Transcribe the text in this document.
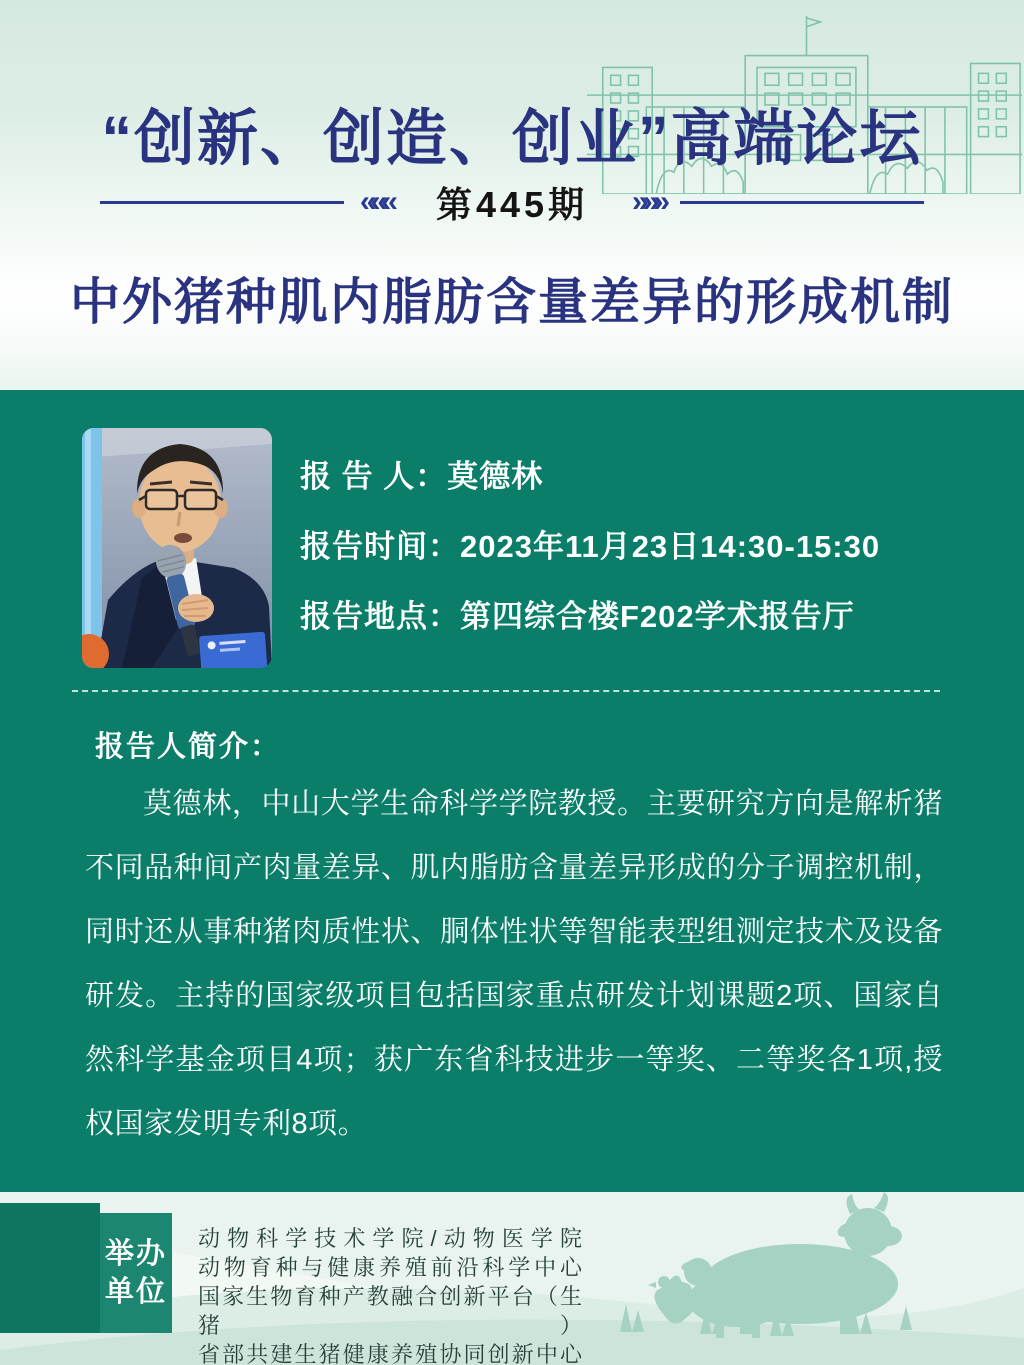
“创新、创造、创业”高端论坛
«««	第445期	»»»
中外猪种肌内脂肪含量差异的形成机制
报 告 人： 莫德林
报告时间： 2023年11月23日14:30-15:30
报告地点： 第四综合楼F202学术报告厅
报告人简介：
莫德林，中山大学生命科学学院教授。主要研究方向是解析猪不同品种间产肉量差异、肌内脂肪含量差异形成的分子调控机制，同时还从事种猪肉质性状、胴体性状等智能表型组测定技术及设备研发。主持的国家级项目包括国家重点研发计划课题2项、国家自然科学基金项目4项；获广东省科技进步一等奖、二等奖各1项,授权国家发明专利8项。
举办
单位
动物科学技术学院/动物医学院
动物育种与健康养殖前沿科学中心
国家生物育种产教融合创新平台（生猪）
省部共建生猪健康养殖协同创新中心
